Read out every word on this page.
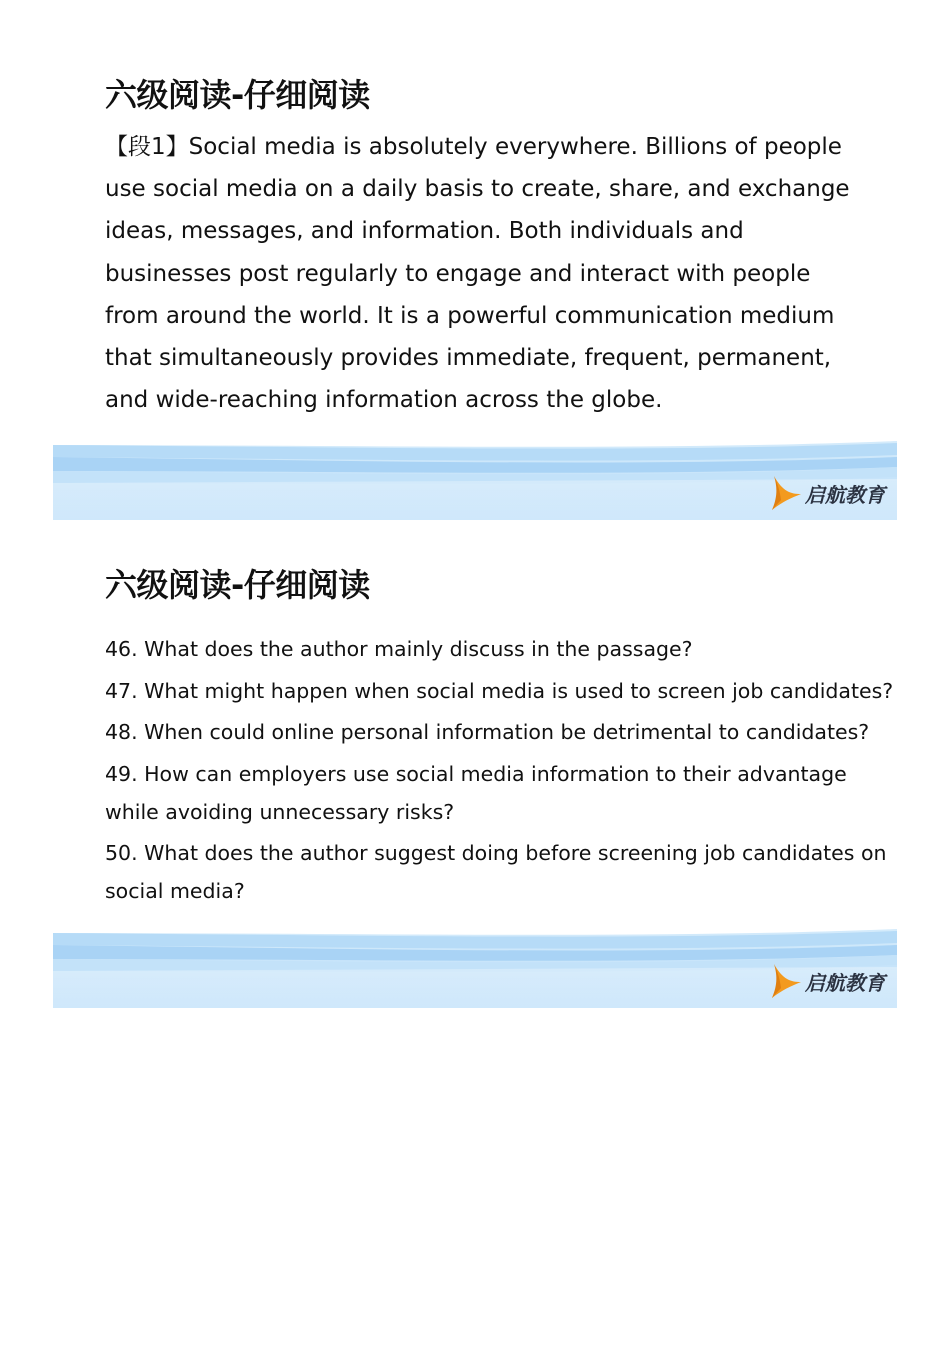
六级阅读-仔细阅读

【段1】Social media is absolutely everywhere. Billions of people
use social media on a daily basis to create, share, and exchange
ideas, messages, and information. Both individuals and
businesses post regularly to engage and interact with people
from around the world. It is a powerful communication medium
that simultaneously provides immediate, frequent, permanent,
and wide-reaching information across the globe.

启航教育
六级阅读-仔细阅读
46. What does the author mainly discuss in the passage?
47. What might happen when social media is used to screen job candidates?
48. When could online personal information be detrimental to candidates?
49. How can employers use social media information to their advantage
while avoiding unnecessary risks?
50. What does the author suggest doing before screening job candidates on
social media?
启航教育
